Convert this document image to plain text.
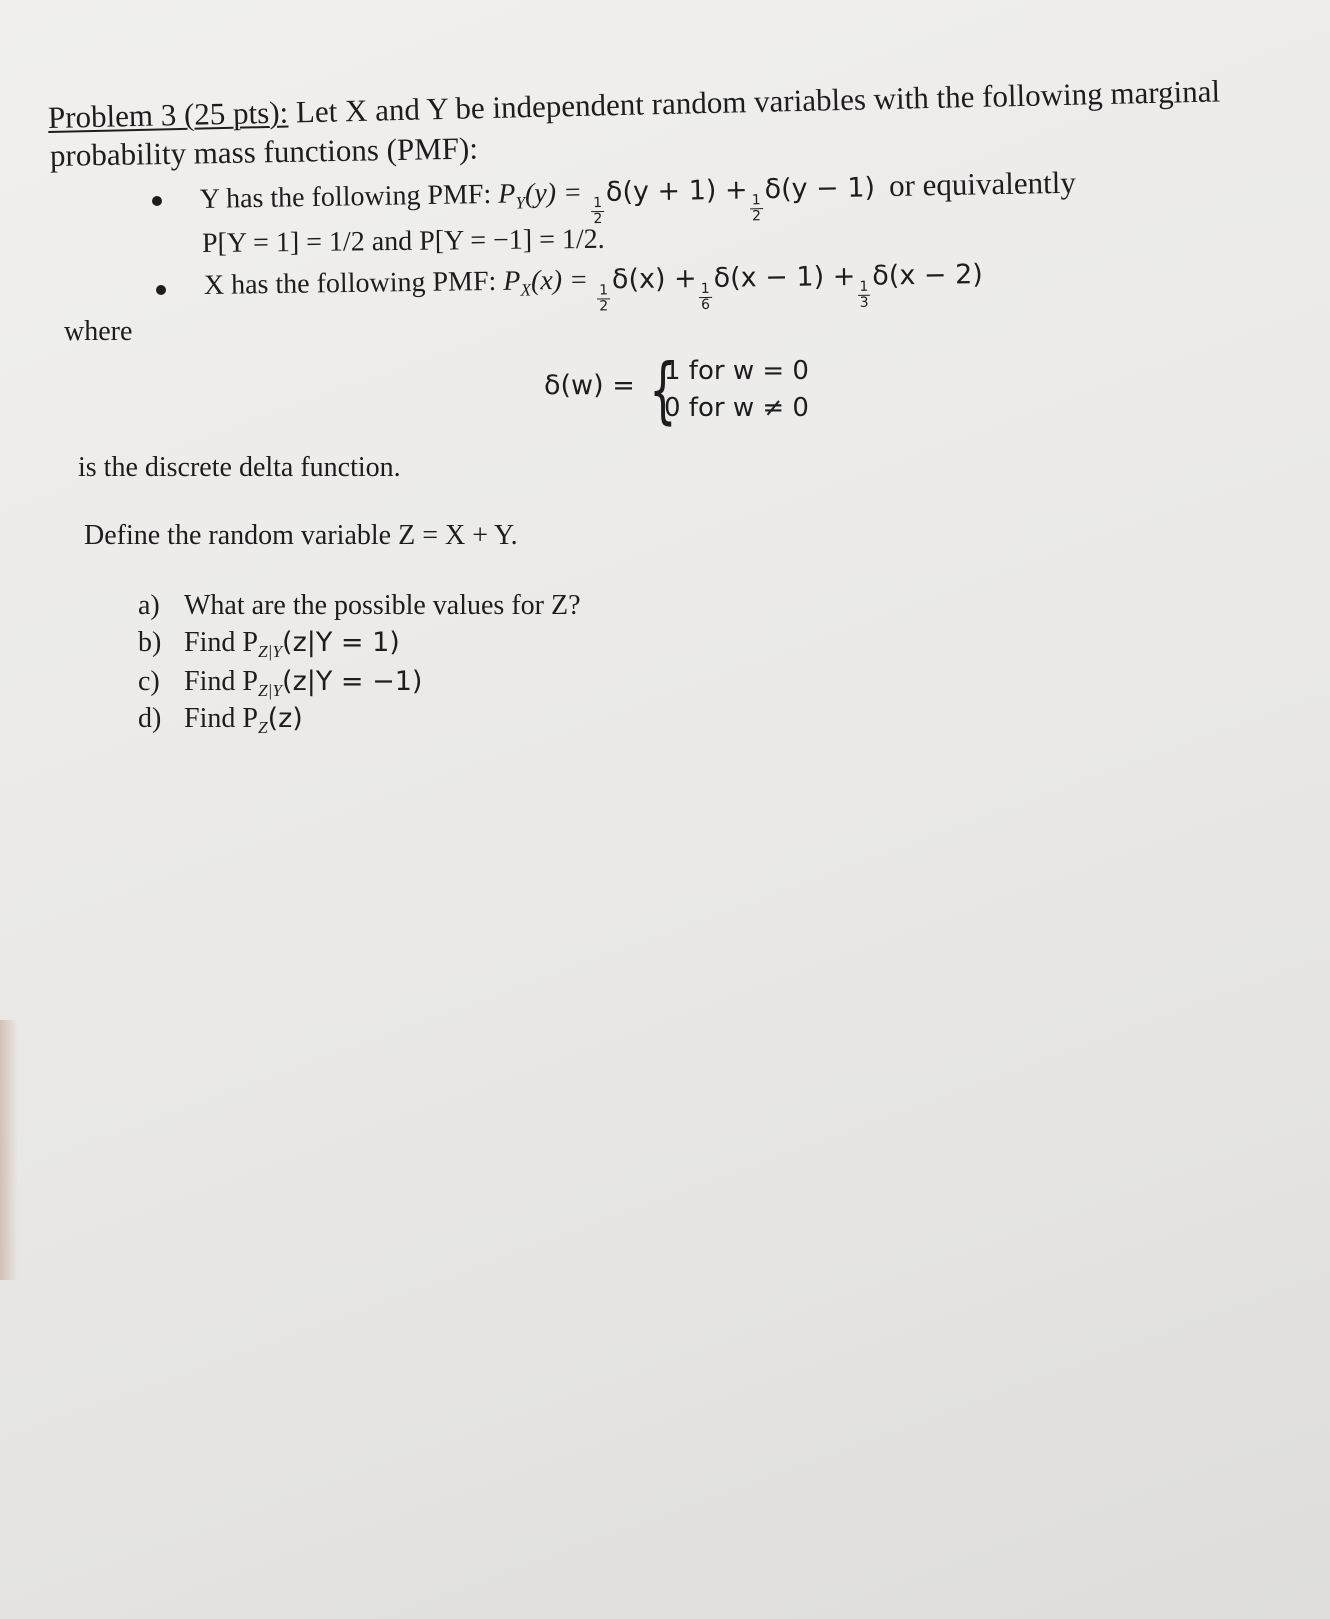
Problem 3 (25 pts): Let X and Y be independent random variables with the following marginal
probability mass functions (PMF):
Y has the following PMF: $P_Y(y)$ =
$\frac{1}{2}$
δ(y + 1) +
$\frac{1}{2}$
δ(y − 1) or equivalently
P[Y = 1] = 1/2 and P[Y = −1] = 1/2.
X has the following PMF: $P_X(x)$ =
$\frac{1}{2}$
δ(x) +
$\frac{1}{6}$
δ(x − 1) +
$\frac{1}{3}$
δ(x − 2)
where
δ(w) = {
1 for w = 0
0 for w ≠ 0
is the discrete delta function.
Define the random variable Z = X + Y.
a) What are the possible values for Z?
b) Find $P_{Z|Y}(z|Y = 1)$
c) Find $P_{Z|Y}(z|Y = -1)$
d) Find $P_Z(z)$
